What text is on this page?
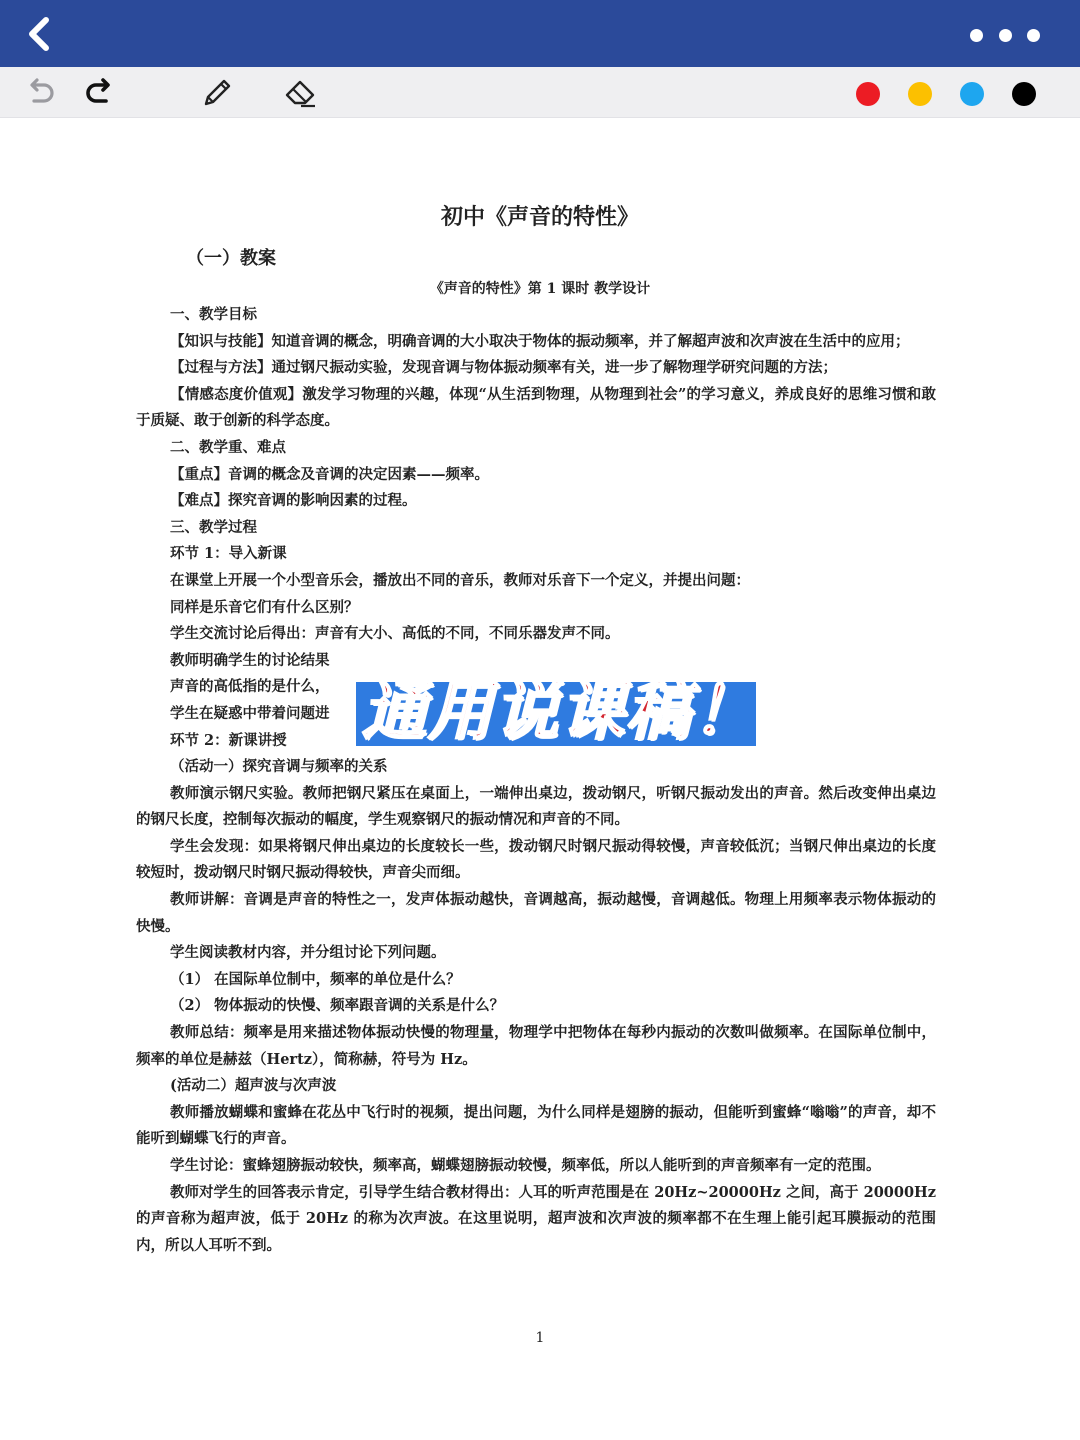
初中《声音的特性》
（一）教案
《声音的特性》第 1 课时 教学设计

一、教学目标

【知识与技能】知道音调的概念，明确音调的大小取决于物体的振动频率，并了解超声波和次声波在生活中的应用；

【过程与方法】通过钢尺振动实验，发现音调与物体振动频率有关，进一步了解物理学研究问题的方法；

【情感态度价值观】激发学习物理的兴趣，体现“从生活到物理，从物理到社会”的学习意义，养成良好的思维习惯和敢于质疑、敢于创新的科学态度。

二、教学重、难点

【重点】音调的概念及音调的决定因素——频率。

【难点】探究音调的影响因素的过程。

三、教学过程

环节 1：导入新课

在课堂上开展一个小型音乐会，播放出不同的音乐，教师对乐音下一个定义，并提出问题：

同样是乐音它们有什么区别？

学生交流讨论后得出：声音有大小、高低的不同，不同乐器发声不同。

教师明确学生的讨论结果

声音的高低指的是什么，

学生在疑惑中带着问题进

环节 2：新课讲授

（活动一）探究音调与频率的关系

教师演示钢尺实验。教师把钢尺紧压在桌面上，一端伸出桌边，拨动钢尺，听钢尺振动发出的声音。然后改变伸出桌边的钢尺长度，控制每次振动的幅度，学生观察钢尺的振动情况和声音的不同。

学生会发现：如果将钢尺伸出桌边的长度较长一些，拨动钢尺时钢尺振动得较慢，声音较低沉；当钢尺伸出桌边的长度较短时，拨动钢尺时钢尺振动得较快，声音尖而细。

教师讲解：音调是声音的特性之一，发声体振动越快，音调越高，振动越慢，音调越低。物理上用频率表示物体振动的快慢。

学生阅读教材内容，并分组讨论下列问题。

（1） 在国际单位制中，频率的单位是什么？

（2） 物体振动的快慢、频率跟音调的关系是什么？

教师总结：频率是用来描述物体振动快慢的物理量，物理学中把物体在每秒内振动的次数叫做频率。在国际单位制中，频率的单位是赫兹（Hertz），简称赫，符号为 Hz。

(活动二）超声波与次声波

教师播放蝴蝶和蜜蜂在花丛中飞行时的视频，提出问题，为什么同样是翅膀的振动，但能听到蜜蜂“嗡嗡”的声音，却不能听到蝴蝶飞行的声音。

学生讨论：蜜蜂翅膀振动较快，频率高，蝴蝶翅膀振动较慢，频率低，所以人能听到的声音频率有一定的范围。

教师对学生的回答表示肯定，引导学生结合教材得出：人耳的听声范围是在 20Hz~20000Hz 之间，高于 20000Hz 的声音称为超声波，低于 20Hz 的称为次声波。在这里说明，超声波和次声波的频率都不在生理上能引起耳膜振动的范围内，所以人耳听不到。

1
通用说课稿！
